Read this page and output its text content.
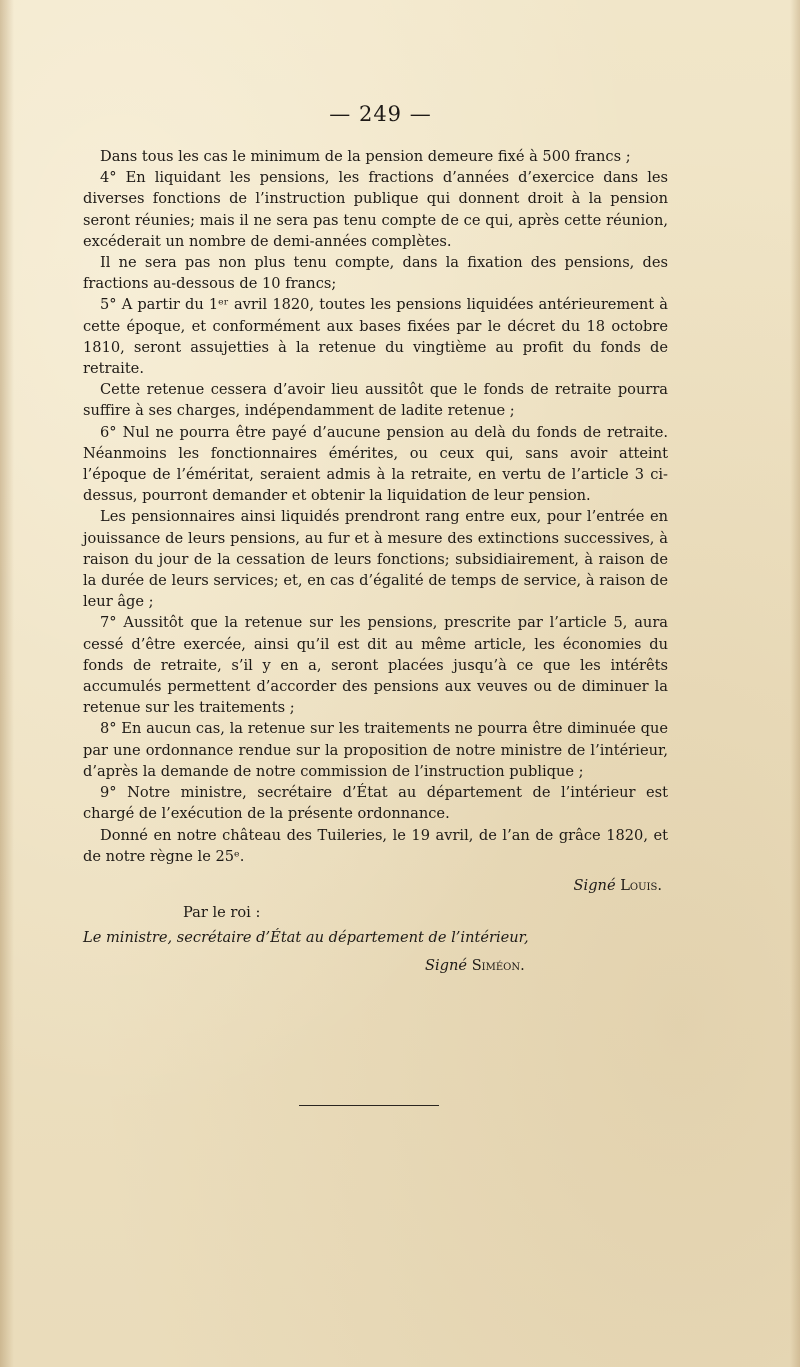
— 249 —

Dans tous les cas le minimum de la pension demeure fixé à 500 francs ;

4° En liquidant les pensions, les fractions d’années d’exercice dans les diverses fonctions de l’instruction publique qui donnent droit à la pension seront réunies; mais il ne sera pas tenu compte de ce qui, après cette réunion, excéderait un nombre de demi-années complètes.

Il ne sera pas non plus tenu compte, dans la fixation des pensions, des fractions au-dessous de 10 francs;

5° A partir du 1ᵉʳ avril 1820, toutes les pensions liquidées antérieurement à cette époque, et conformément aux bases fixées par le décret du 18 octobre 1810, seront assujetties à la retenue du vingtième au profit du fonds de retraite.

Cette retenue cessera d’avoir lieu aussitôt que le fonds de retraite pourra suffire à ses charges, indépendamment de ladite retenue ;

6° Nul ne pourra être payé d’aucune pension au delà du fonds de retraite. Néanmoins les fonctionnaires émérites, ou ceux qui, sans avoir atteint l’époque de l’éméritat, seraient admis à la retraite, en vertu de l’article 3 ci-dessus, pourront demander et obtenir la liquidation de leur pension.

Les pensionnaires ainsi liquidés prendront rang entre eux, pour l’entrée en jouissance de leurs pensions, au fur et à mesure des extinctions successives, à raison du jour de la cessation de leurs fonctions; subsidiairement, à raison de la durée de leurs services; et, en cas d’égalité de temps de service, à raison de leur âge ;

7° Aussitôt que la retenue sur les pensions, prescrite par l’article 5, aura cessé d’être exercée, ainsi qu’il est dit au même article, les économies du fonds de retraite, s’il y en a, seront placées jusqu’à ce que les intérêts accumulés permettent d’accorder des pensions aux veuves ou de diminuer la retenue sur les traitements ;

8° En aucun cas, la retenue sur les traitements ne pourra être diminuée que par une ordonnance rendue sur la proposition de notre ministre de l’intérieur, d’après la demande de notre commission de l’instruction publique ;

9° Notre ministre, secrétaire d’État au département de l’intérieur est chargé de l’exécution de la présente ordonnance.

Donné en notre château des Tuileries, le 19 avril, de l’an de grâce 1820, et de notre règne le 25ᵉ.

Signé Louis.

Par le roi :

Le ministre, secrétaire d’État au département de l’intérieur,

Signé Siméon.
